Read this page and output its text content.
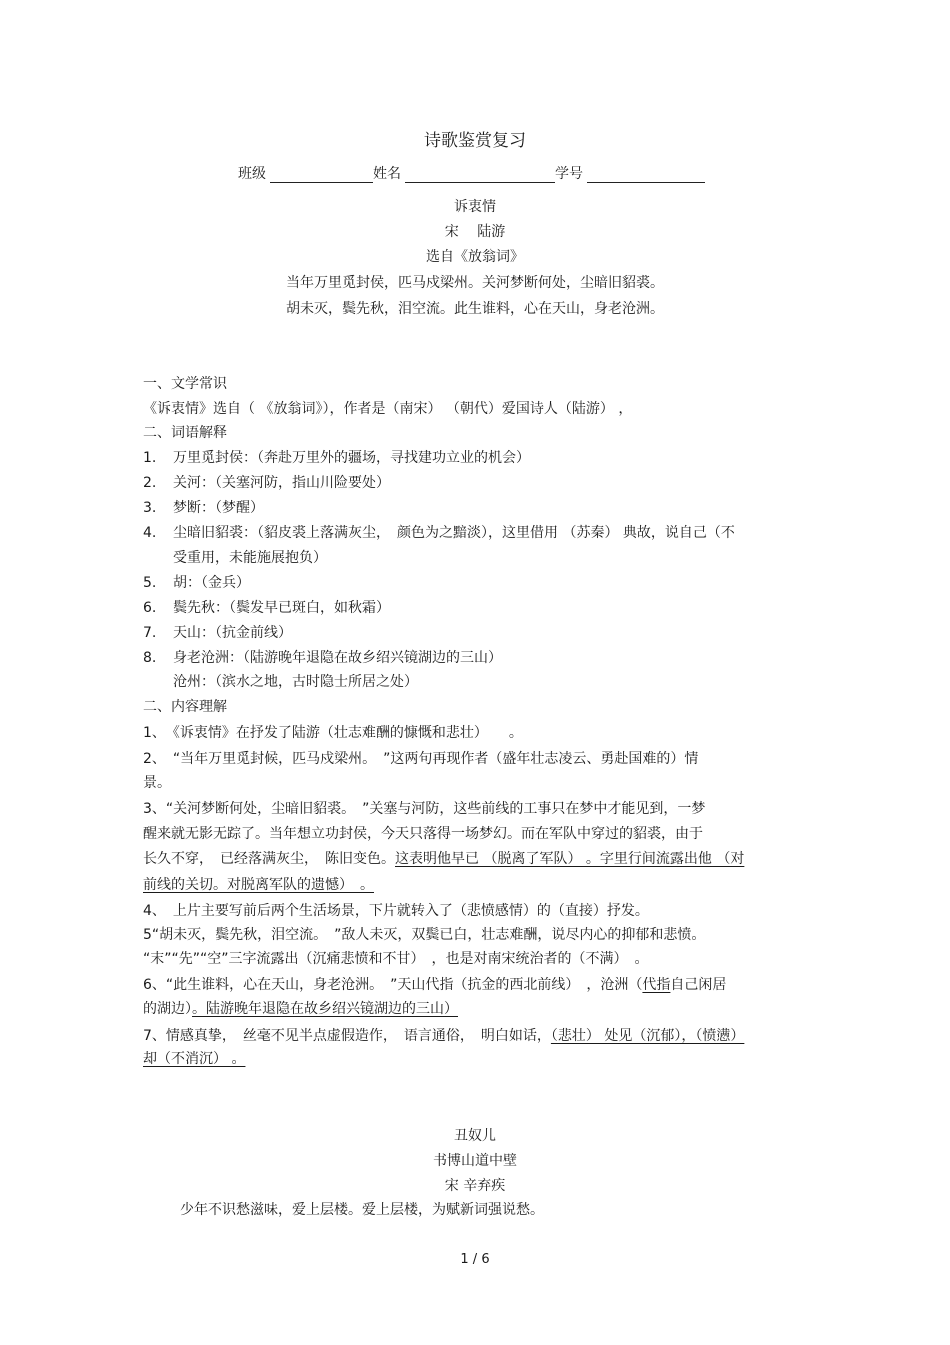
诗歌鉴赏复习
班级	姓名	学号
诉衷情
宋　 陆游
选自《放翁词》
当年万里觅封侯，匹马戍梁州。关河梦断何处，尘暗旧貂裘。
胡未灭，鬓先秋，泪空流。此生谁料，心在天山，身老沧洲。
一、文学常识
《诉衷情》选自（ 《放翁词》），作者是（南宋） （朝代）爱国诗人（陆游） ，
二、词语解释
1. 万里觅封侯：（奔赴万里外的疆场，寻找建功立业的机会）
2. 关河：（关塞河防，指山川险要处）
3. 梦断：（梦醒）
4. 尘暗旧貂裘：（貂皮裘上落满灰尘，　颜色为之黯淡），这里借用 （苏秦） 典故，说自己（不
受重用，未能施展抱负）
5. 胡：（金兵）
6. 鬓先秋：（鬓发早已斑白，如秋霜）
7. 天山：（抗金前线）
8. 身老沧洲：（陆游晚年退隐在故乡绍兴镜湖边的三山）
沧州：（滨水之地，古时隐士所居之处）
二、内容理解
1、　《诉衷情》在抒发了陆游（壮志难酬的慷慨和悲壮）　　。
2、　“当年万里觅封候，匹马戍梁州。　”这两句再现作者（盛年壮志凌云、勇赴国难的）情
景。
3、“关河梦断何处，尘暗旧貂裘。　”关塞与河防，这些前线的工事只在梦中才能见到，一梦
醒来就无影无踪了。当年想立功封侯，今天只落得一场梦幻。而在军队中穿过的貂裘，由于
长久不穿，　已经落满灰尘，　陈旧变色。这表明他早已 （脱离了军队） 。字里行间流露出他 （对
前线的关切。对脱离军队的遗憾）　。
4、　上片主要写前后两个生活场景，下片就转入了（悲愤感情）的（直接）抒发。
5“胡未灭，鬓先秋，泪空流。　”敌人未灭，双鬓已白，壮志难酬，说尽内心的抑郁和悲愤。
“末”“先”“空”三字流露出（沉痛悲愤和不甘）　，也是对南宋统治者的（不满）　。
6、“此生谁料，心在天山，身老沧洲。　”天山代指（抗金的西北前线）　，沧洲（代指自己闲居
的湖边）。陆游晚年退隐在故乡绍兴镜湖边的三山）
7、情感真挚，　丝毫不见半点虚假造作，　语言通俗，　明白如话，（悲壮） 处见（沉郁），（愤懑）
却（不消沉） 。
丑奴儿
书博山道中壁
宋 辛弃疾
少年不识愁滋味，爱上层楼。爱上层楼，为赋新词强说愁。
1 / 6
